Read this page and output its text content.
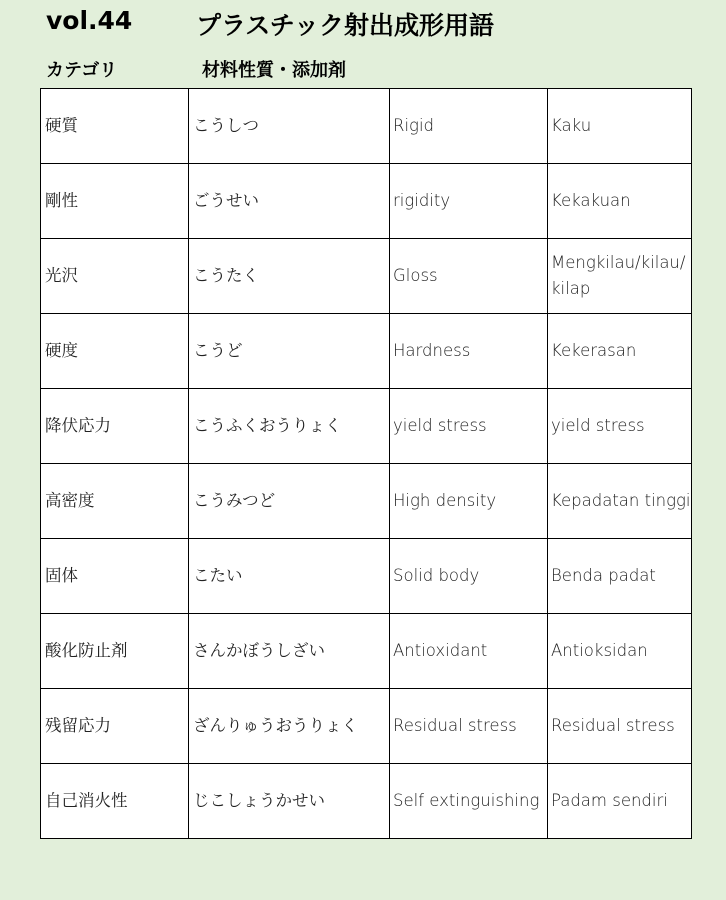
vol.44	プラスチック射出成形用語
カテゴリ	材料性質・添加剤
硬質	こうしつ	Rigid	Kaku
剛性	ごうせい	rigidity	Kekakuan
光沢	こうたく	Gloss	Mengkilau/kilau/kilap
硬度	こうど	Hardness	Kekerasan
降伏応力	こうふくおうりょく	yield stress	yield stress
高密度	こうみつど	High density	Kepadatan tinggi
固体	こたい	Solid body	Benda padat
酸化防止剤	さんかぼうしざい	Antioxidant	Antioksidan
残留応力	ざんりゅうおうりょく	Residual stress	Residual stress
自己消火性	じこしょうかせい	Self extinguishing	Padam sendiri
